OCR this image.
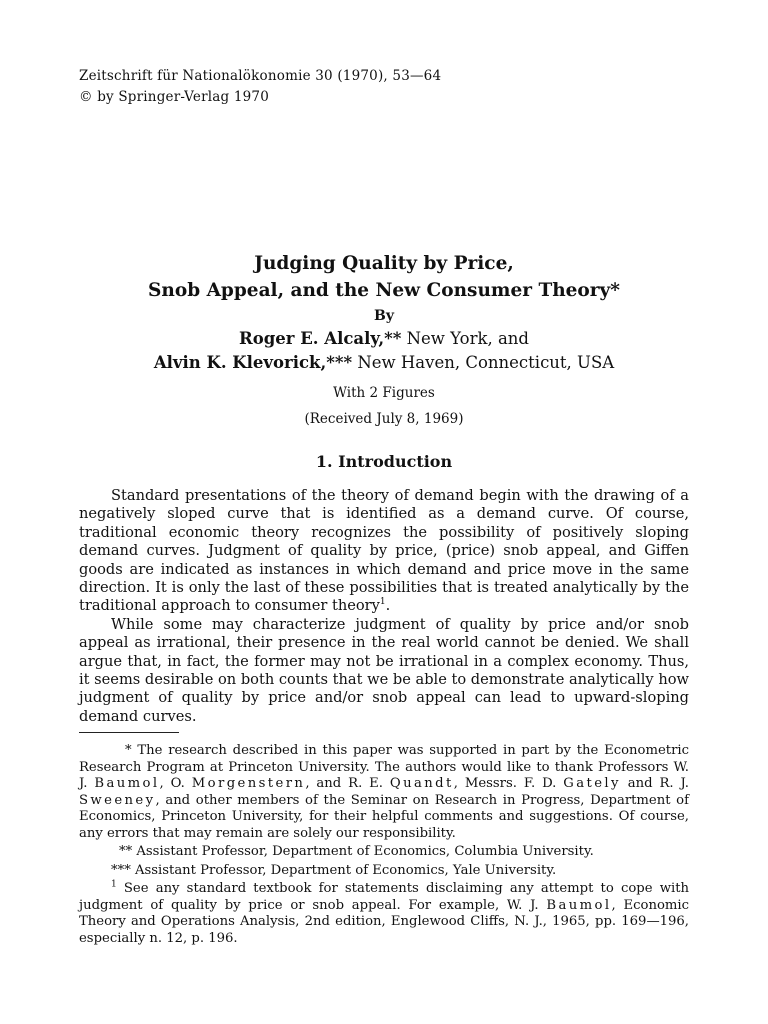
Zeitschrift für Nationalökonomie 30 (1970), 53—64
© by Springer-Verlag 1970
Judging Quality by Price,
Snob Appeal, and the New Consumer Theory*
By
Roger E. Alcaly,** New York, and
Alvin K. Klevorick,*** New Haven, Connecticut, USA
With 2 Figures
(Received July 8, 1969)
1. Introduction

Standard presentations of the theory of demand begin with the drawing of a negatively sloped curve that is identified as a demand curve. Of course, traditional economic theory recognizes the possibility of positively sloping demand curves. Judgment of quality by price, (price) snob appeal, and Giffen goods are indicated as instances in which demand and price move in the same direction. It is only the last of these possibilities that is treated analytically by the traditional approach to consumer theory$^1$.

While some may characterize judgment of quality by price and/or snob appeal as irrational, their presence in the real world cannot be denied. We shall argue that, in fact, the former may not be irrational in a complex economy. Thus, it seems desirable on both counts that we be able to demonstrate analytically how judgment of quality by price and/or snob appeal can lead to upward-sloping demand curves.

* The research described in this paper was supported in part by the Econometric Research Program at Princeton University. The authors would like to thank Professors W. J. Baumol, O. Morgenstern, and R. E. Quandt, Messrs. F. D. Gately and R. J. Sweeney, and other members of the Seminar on Research in Progress, Department of Economics, Princeton University, for their helpful comments and suggestions. Of course, any errors that may remain are solely our responsibility.

** Assistant Professor, Department of Economics, Columbia University.

*** Assistant Professor, Department of Economics, Yale University.

$^1$ See any standard textbook for statements disclaiming any attempt to cope with judgment of quality by price or snob appeal. For example, W. J. Baumol, Economic Theory and Operations Analysis, 2nd edition, Englewood Cliffs, N. J., 1965, pp. 169—196, especially n. 12, p. 196.
